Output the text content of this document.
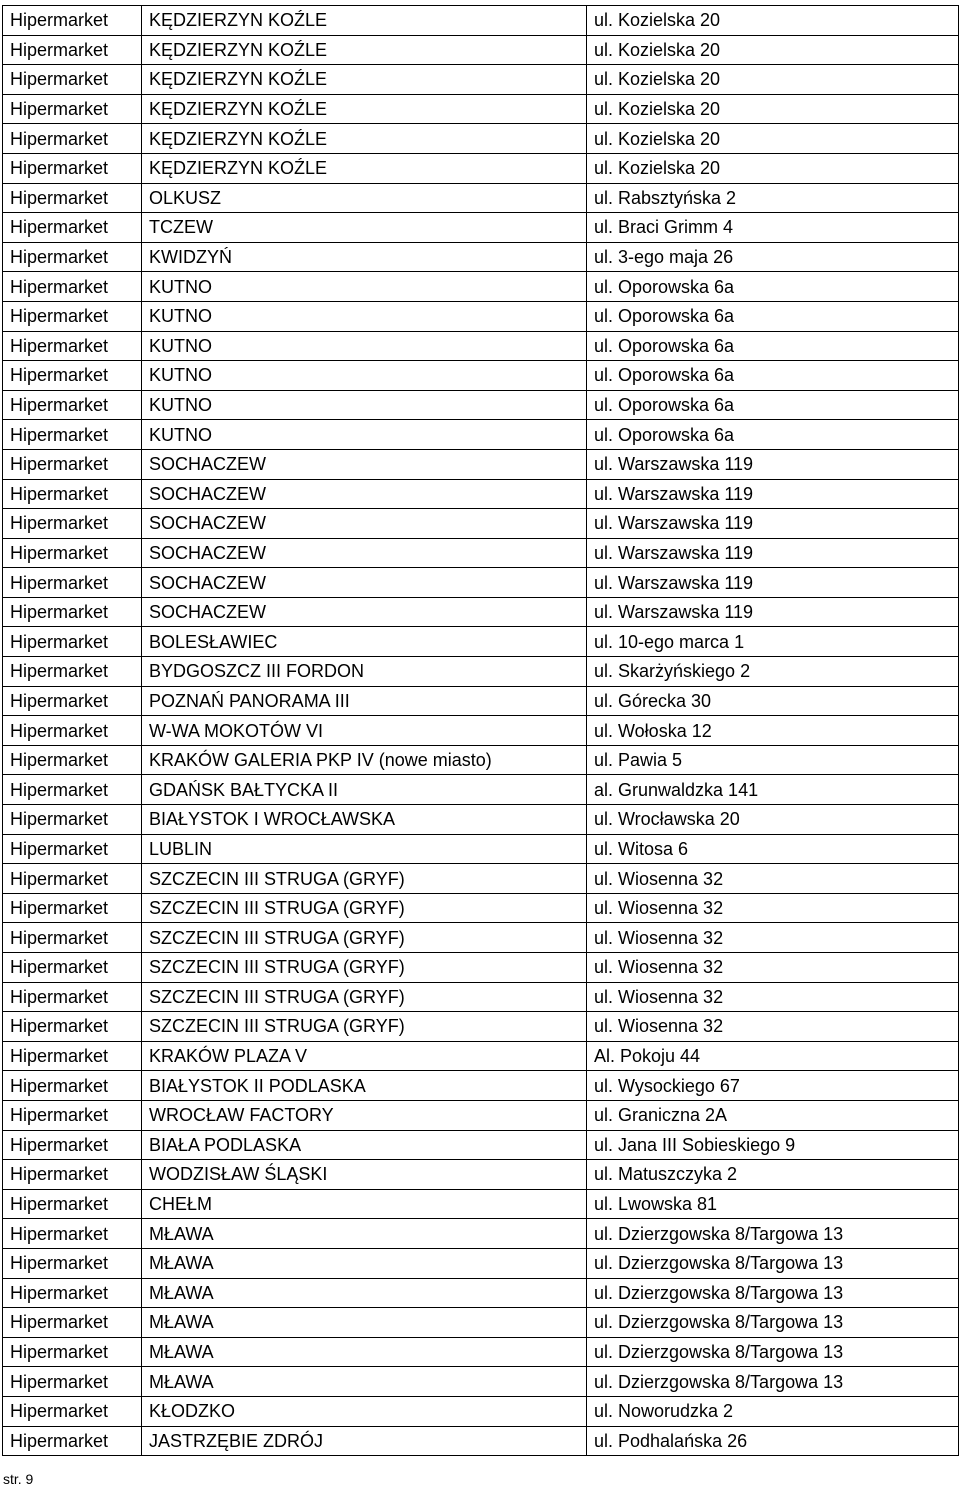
Hipermarket	KĘDZIERZYN KOŹLE	ul. Kozielska 20
Hipermarket	KĘDZIERZYN KOŹLE	ul. Kozielska 20
Hipermarket	KĘDZIERZYN KOŹLE	ul. Kozielska 20
Hipermarket	KĘDZIERZYN KOŹLE	ul. Kozielska 20
Hipermarket	KĘDZIERZYN KOŹLE	ul. Kozielska 20
Hipermarket	KĘDZIERZYN KOŹLE	ul. Kozielska 20
Hipermarket	OLKUSZ	ul. Rabsztyńska 2
Hipermarket	TCZEW	ul. Braci Grimm 4
Hipermarket	KWIDZYŃ	ul. 3-ego maja 26
Hipermarket	KUTNO	ul. Oporowska 6a
Hipermarket	KUTNO	ul. Oporowska 6a
Hipermarket	KUTNO	ul. Oporowska 6a
Hipermarket	KUTNO	ul. Oporowska 6a
Hipermarket	KUTNO	ul. Oporowska 6a
Hipermarket	KUTNO	ul. Oporowska 6a
Hipermarket	SOCHACZEW	ul. Warszawska 119
Hipermarket	SOCHACZEW	ul. Warszawska 119
Hipermarket	SOCHACZEW	ul. Warszawska 119
Hipermarket	SOCHACZEW	ul. Warszawska 119
Hipermarket	SOCHACZEW	ul. Warszawska 119
Hipermarket	SOCHACZEW	ul. Warszawska 119
Hipermarket	BOLESŁAWIEC	ul. 10-ego marca 1
Hipermarket	BYDGOSZCZ III FORDON	ul. Skarżyńskiego 2
Hipermarket	POZNAŃ PANORAMA III	ul. Górecka 30
Hipermarket	W-WA MOKOTÓW VI	ul. Wołoska 12
Hipermarket	KRAKÓW GALERIA PKP IV (nowe miasto)	ul. Pawia 5
Hipermarket	GDAŃSK BAŁTYCKA II	al. Grunwaldzka 141
Hipermarket	BIAŁYSTOK I WROCŁAWSKA	ul. Wrocławska 20
Hipermarket	LUBLIN	ul. Witosa 6
Hipermarket	SZCZECIN III STRUGA (GRYF)	ul. Wiosenna 32
Hipermarket	SZCZECIN III STRUGA (GRYF)	ul. Wiosenna 32
Hipermarket	SZCZECIN III STRUGA (GRYF)	ul. Wiosenna 32
Hipermarket	SZCZECIN III STRUGA (GRYF)	ul. Wiosenna 32
Hipermarket	SZCZECIN III STRUGA (GRYF)	ul. Wiosenna 32
Hipermarket	SZCZECIN III STRUGA (GRYF)	ul. Wiosenna 32
Hipermarket	KRAKÓW PLAZA V	Al. Pokoju 44
Hipermarket	BIAŁYSTOK II PODLASKA	ul. Wysockiego 67
Hipermarket	WROCŁAW FACTORY	ul. Graniczna 2A
Hipermarket	BIAŁA PODLASKA	ul. Jana III Sobieskiego 9
Hipermarket	WODZISŁAW ŚLĄSKI	ul. Matuszczyka 2
Hipermarket	CHEŁM	ul. Lwowska 81
Hipermarket	MŁAWA	ul. Dzierzgowska 8/Targowa 13
Hipermarket	MŁAWA	ul. Dzierzgowska 8/Targowa 13
Hipermarket	MŁAWA	ul. Dzierzgowska 8/Targowa 13
Hipermarket	MŁAWA	ul. Dzierzgowska 8/Targowa 13
Hipermarket	MŁAWA	ul. Dzierzgowska 8/Targowa 13
Hipermarket	MŁAWA	ul. Dzierzgowska 8/Targowa 13
Hipermarket	KŁODZKO	ul. Noworudzka 2
Hipermarket	JASTRZĘBIE ZDRÓJ	ul. Podhalańska 26
str. 9
